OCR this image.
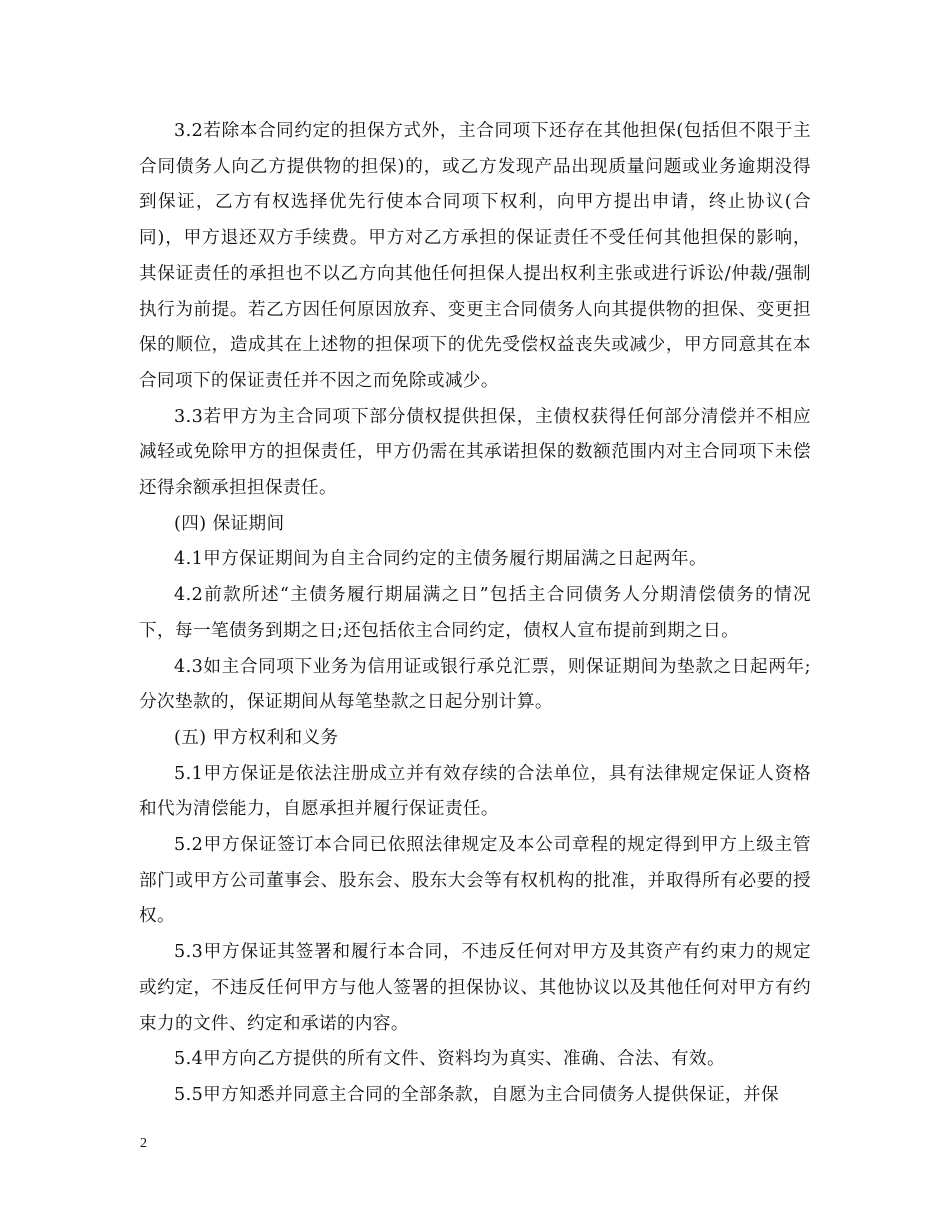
3.2若除本合同约定的担保方式外，主合同项下还存在其他担保(包括但不限于主合同债务人向乙方提供物的担保)的，或乙方发现产品出现质量问题或业务逾期没得到保证，乙方有权选择优先行使本合同项下权利，向甲方提出申请，终止协议(合同)，甲方退还双方手续费。甲方对乙方承担的保证责任不受任何其他担保的影响，其保证责任的承担也不以乙方向其他任何担保人提出权利主张或进行诉讼/仲裁/强制执行为前提。若乙方因任何原因放弃、变更主合同债务人向其提供物的担保、变更担保的顺位，造成其在上述物的担保项下的优先受偿权益丧失或减少，甲方同意其在本合同项下的保证责任并不因之而免除或减少。

3.3若甲方为主合同项下部分债权提供担保，主债权获得任何部分清偿并不相应减轻或免除甲方的担保责任，甲方仍需在其承诺担保的数额范围内对主合同项下未偿还得余额承担担保责任。

(四) 保证期间

4.1甲方保证期间为自主合同约定的主债务履行期届满之日起两年。

4.2前款所述“主债务履行期届满之日”包括主合同债务人分期清偿债务的情况下，每一笔债务到期之日;还包括依主合同约定，债权人宣布提前到期之日。

4.3如主合同项下业务为信用证或银行承兑汇票，则保证期间为垫款之日起两年;分次垫款的，保证期间从每笔垫款之日起分别计算。

(五) 甲方权利和义务

5.1甲方保证是依法注册成立并有效存续的合法单位，具有法律规定保证人资格和代为清偿能力，自愿承担并履行保证责任。

5.2甲方保证签订本合同已依照法律规定及本公司章程的规定得到甲方上级主管部门或甲方公司董事会、股东会、股东大会等有权机构的批准，并取得所有必要的授权。

5.3甲方保证其签署和履行本合同，不违反任何对甲方及其资产有约束力的规定或约定，不违反任何甲方与他人签署的担保协议、其他协议以及其他任何对甲方有约束力的文件、约定和承诺的内容。

5.4甲方向乙方提供的所有文件、资料均为真实、准确、合法、有效。

5.5甲方知悉并同意主合同的全部条款，自愿为主合同债务人提供保证，并保

2
